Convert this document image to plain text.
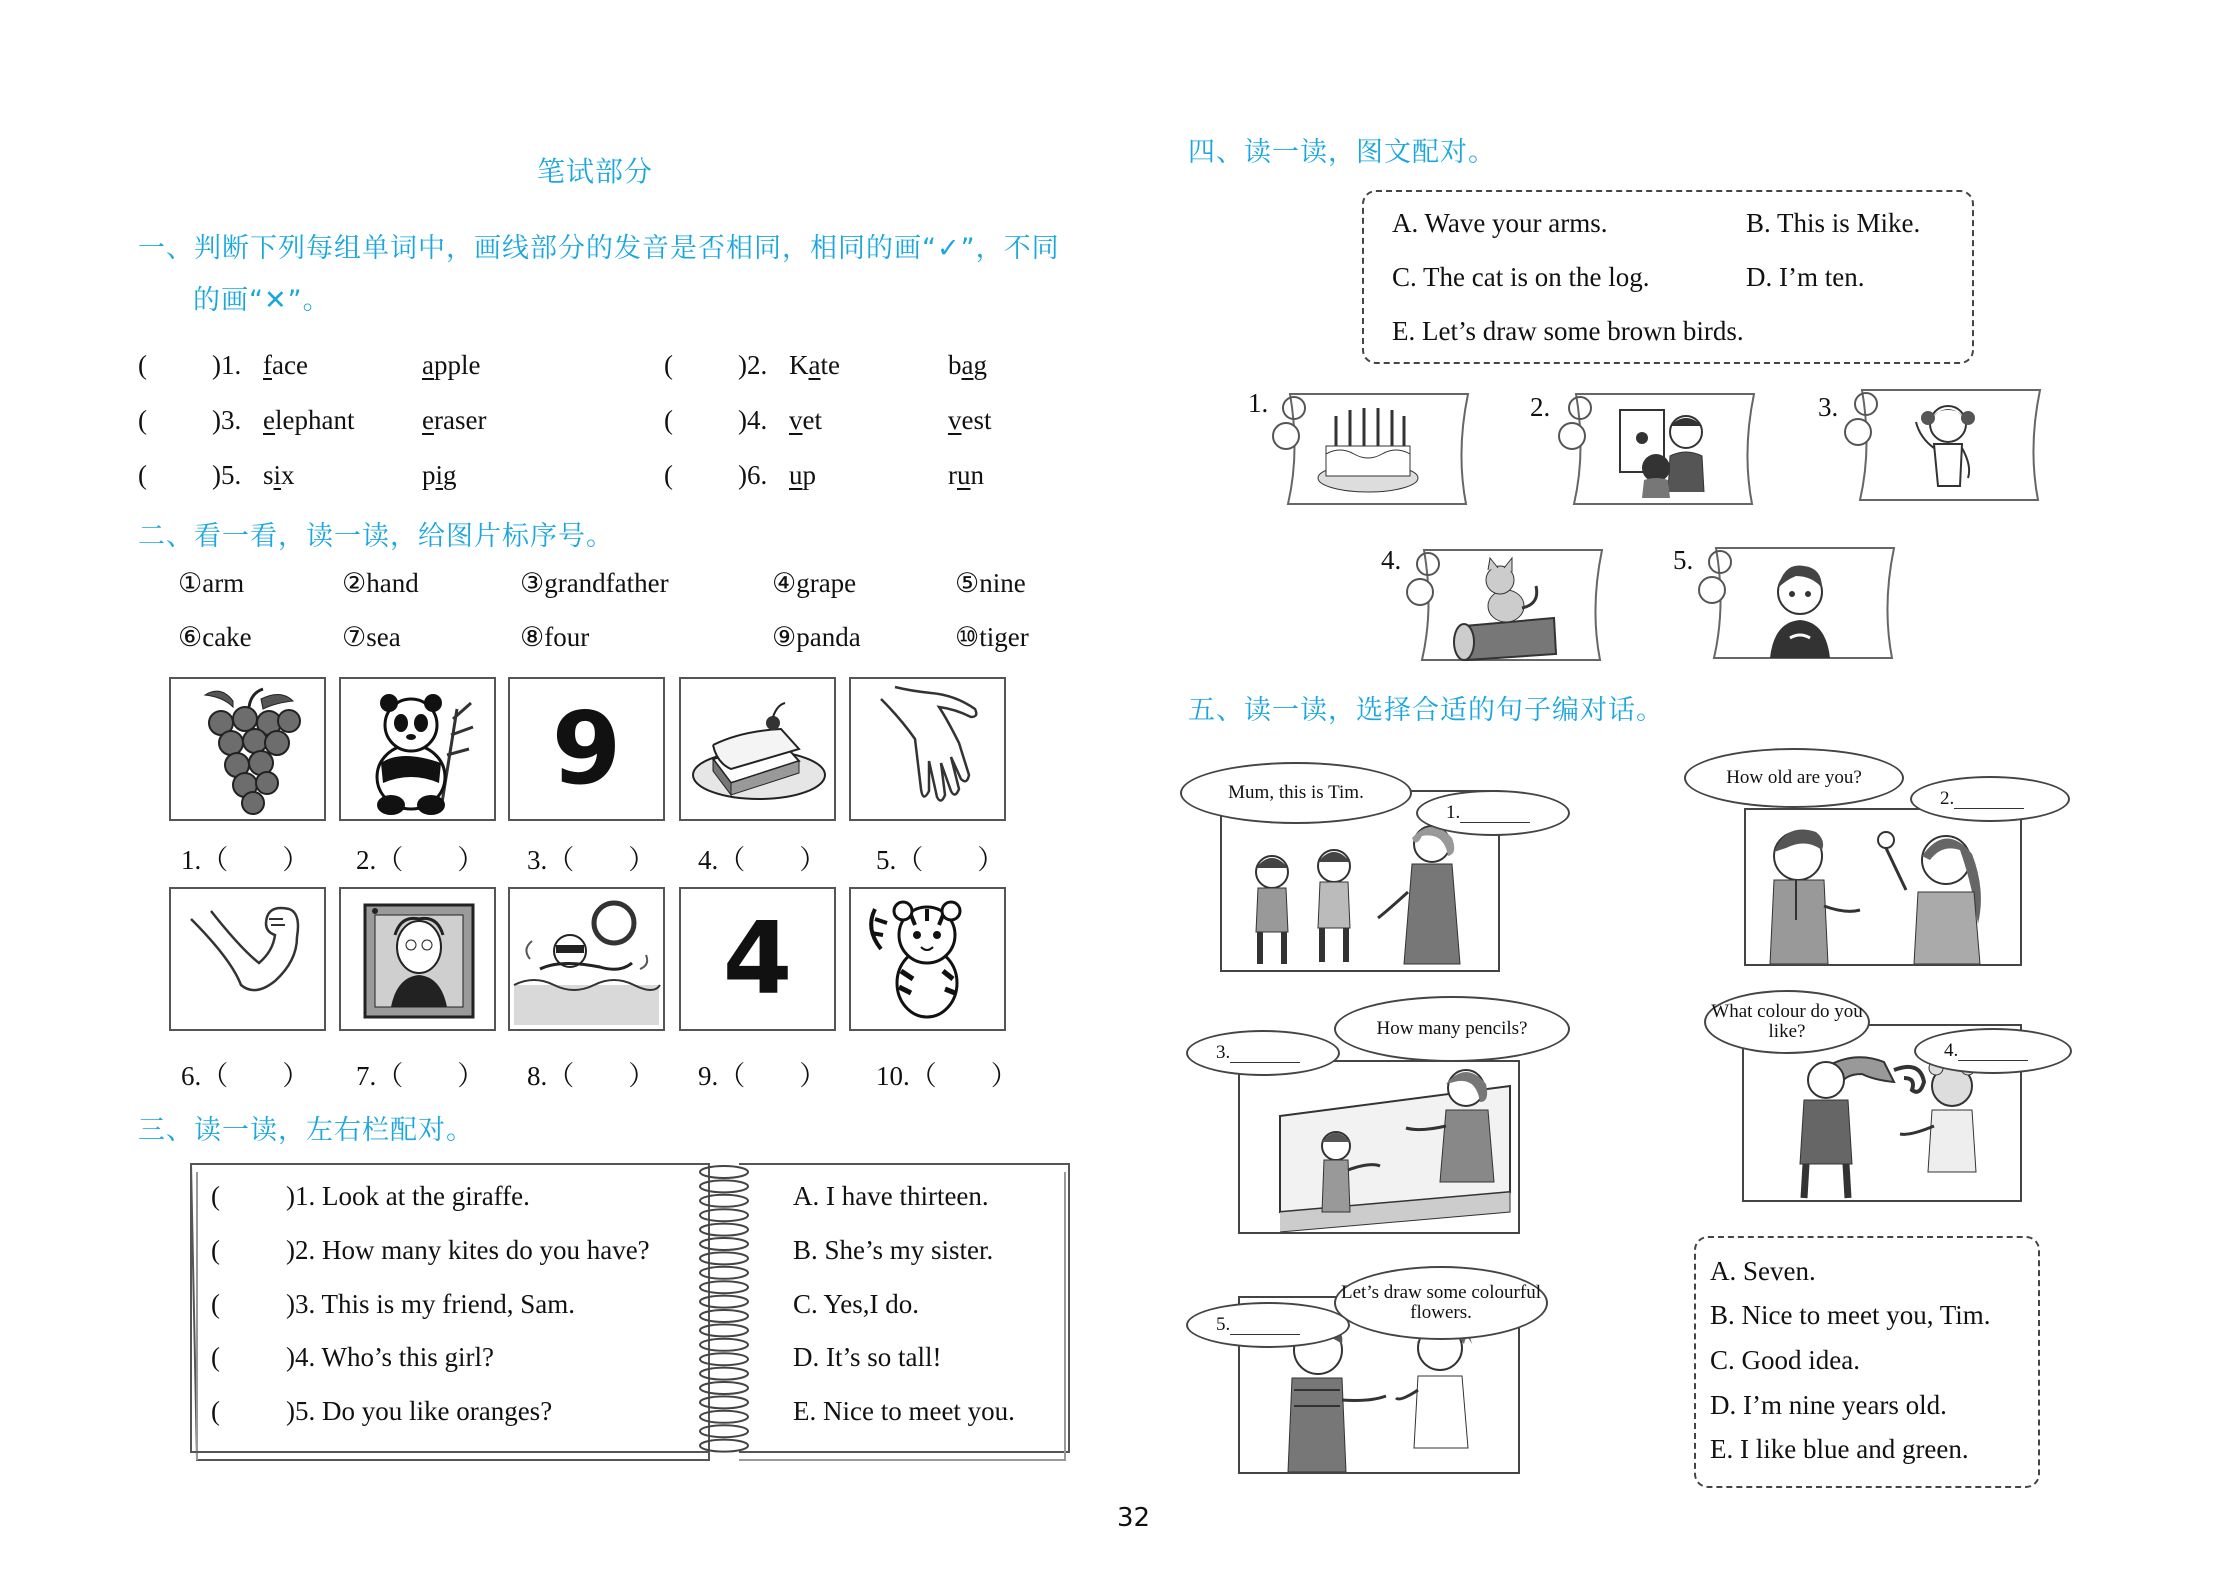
笔试部分
一、判断下列每组单词中，画线部分的发音是否相同，相同的画“✓”，不同
的画“✕”。
( )1. face	apple	( )2. Kate	bag
( )3. elephant	eraser	( )4. vet	vest
( )5. six	pig	( )6. up	run
二、看一看，读一读，给图片标序号。
①arm	②hand	③grandfather	④grape	⑤nine
⑥cake	⑦sea	⑧four	⑨panda	⑩tiger
9
1.（　　） 2.（　　） 3.（　　） 4.（　　） 5.（　　）
4
6.（　　） 7.（　　） 8.（　　） 9.（　　） 10.（　　）
三、读一读，左右栏配对。
( )1. Look at the giraffe.	A. I have thirteen.
( )2. How many kites do you have?	B. She’s my sister.
( )3. This is my friend, Sam.	C. Yes,I do.
( )4. Who’s this girl?	D. It’s so tall!
( )5. Do you like oranges?	E. Nice to meet you.
四、读一读，图文配对。
A. Wave your arms.	B. This is Mike.
C. The cat is on the log.	D. I’m ten.
E. Let’s draw some brown birds.
1.	2.	3.
4.	5.
五、读一读，选择合适的句子编对话。
Mum, this is Tim.
1.
How old are you?
2.
How many pencils?
3.
What colour do you like?
4.
Let’s draw some colourful flowers.
5.
A. Seven.
B. Nice to meet you, Tim.
C. Good idea.
D. I’m nine years old.
E. I like blue and green.
32
